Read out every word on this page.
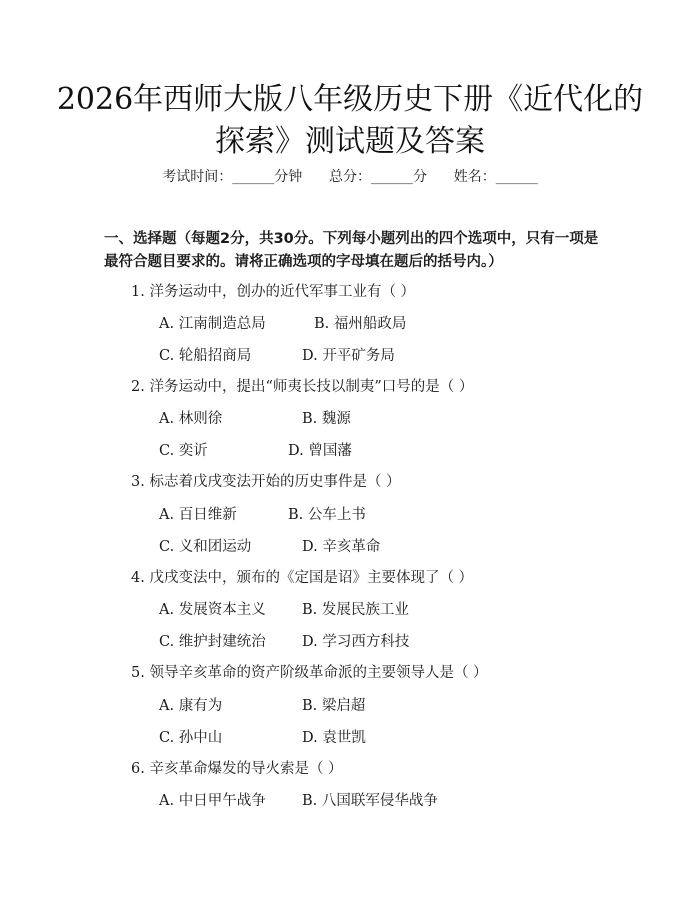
2026年西师大版八年级历史下册《近代化的
探索》测试题及答案
考试时间：______分钟 总分：______分 姓名：______
一、选择题（每题2分，共30分。下列每小题列出的四个选项中，只有一项是最符合题目要求的。请将正确选项的字母填在题后的括号内。）
1. 洋务运动中，创办的近代军事工业有（ ）
A. 江南制造总局	B. 福州船政局
C. 轮船招商局	D. 开平矿务局
2. 洋务运动中，提出“师夷长技以制夷”口号的是（ ）
A. 林则徐	B. 魏源
C. 奕䜣	D. 曾国藩
3. 标志着戊戌变法开始的历史事件是（ ）
A. 百日维新	B. 公车上书
C. 义和团运动	D. 辛亥革命
4. 戊戌变法中，颁布的《定国是诏》主要体现了（ ）
A. 发展资本主义	B. 发展民族工业
C. 维护封建统治 D. 学习西方科技
5. 领导辛亥革命的资产阶级革命派的主要领导人是（ ）
A. 康有为	B. 梁启超
C. 孙中山	D. 袁世凯
6. 辛亥革命爆发的导火索是（ ）
A. 中日甲午战争	B. 八国联军侵华战争
